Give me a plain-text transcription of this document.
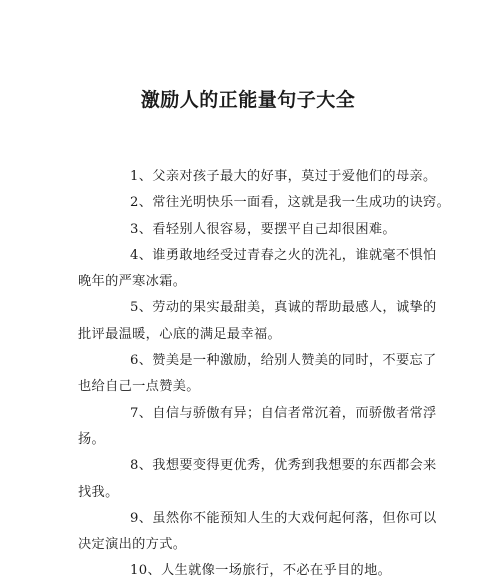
激励人的正能量句子大全
1、父亲对孩子最大的好事，莫过于爱他们的母亲。
2、常往光明快乐一面看，这就是我一生成功的诀窍。
3、看轻别人很容易，要摆平自己却很困难。
4、谁勇敢地经受过青春之火的洗礼，谁就毫不惧怕
晚年的严寒冰霜。
5、劳动的果实最甜美，真诚的帮助最感人，诚挚的
批评最温暖，心底的满足最幸福。
6、赞美是一种激励，给别人赞美的同时，不要忘了
也给自己一点赞美。
7、自信与骄傲有异；自信者常沉着，而骄傲者常浮
扬。
8、我想要变得更优秀，优秀到我想要的东西都会来
找我。
9、虽然你不能预知人生的大戏何起何落，但你可以
决定演出的方式。
10、人生就像一场旅行，不必在乎目的地。
